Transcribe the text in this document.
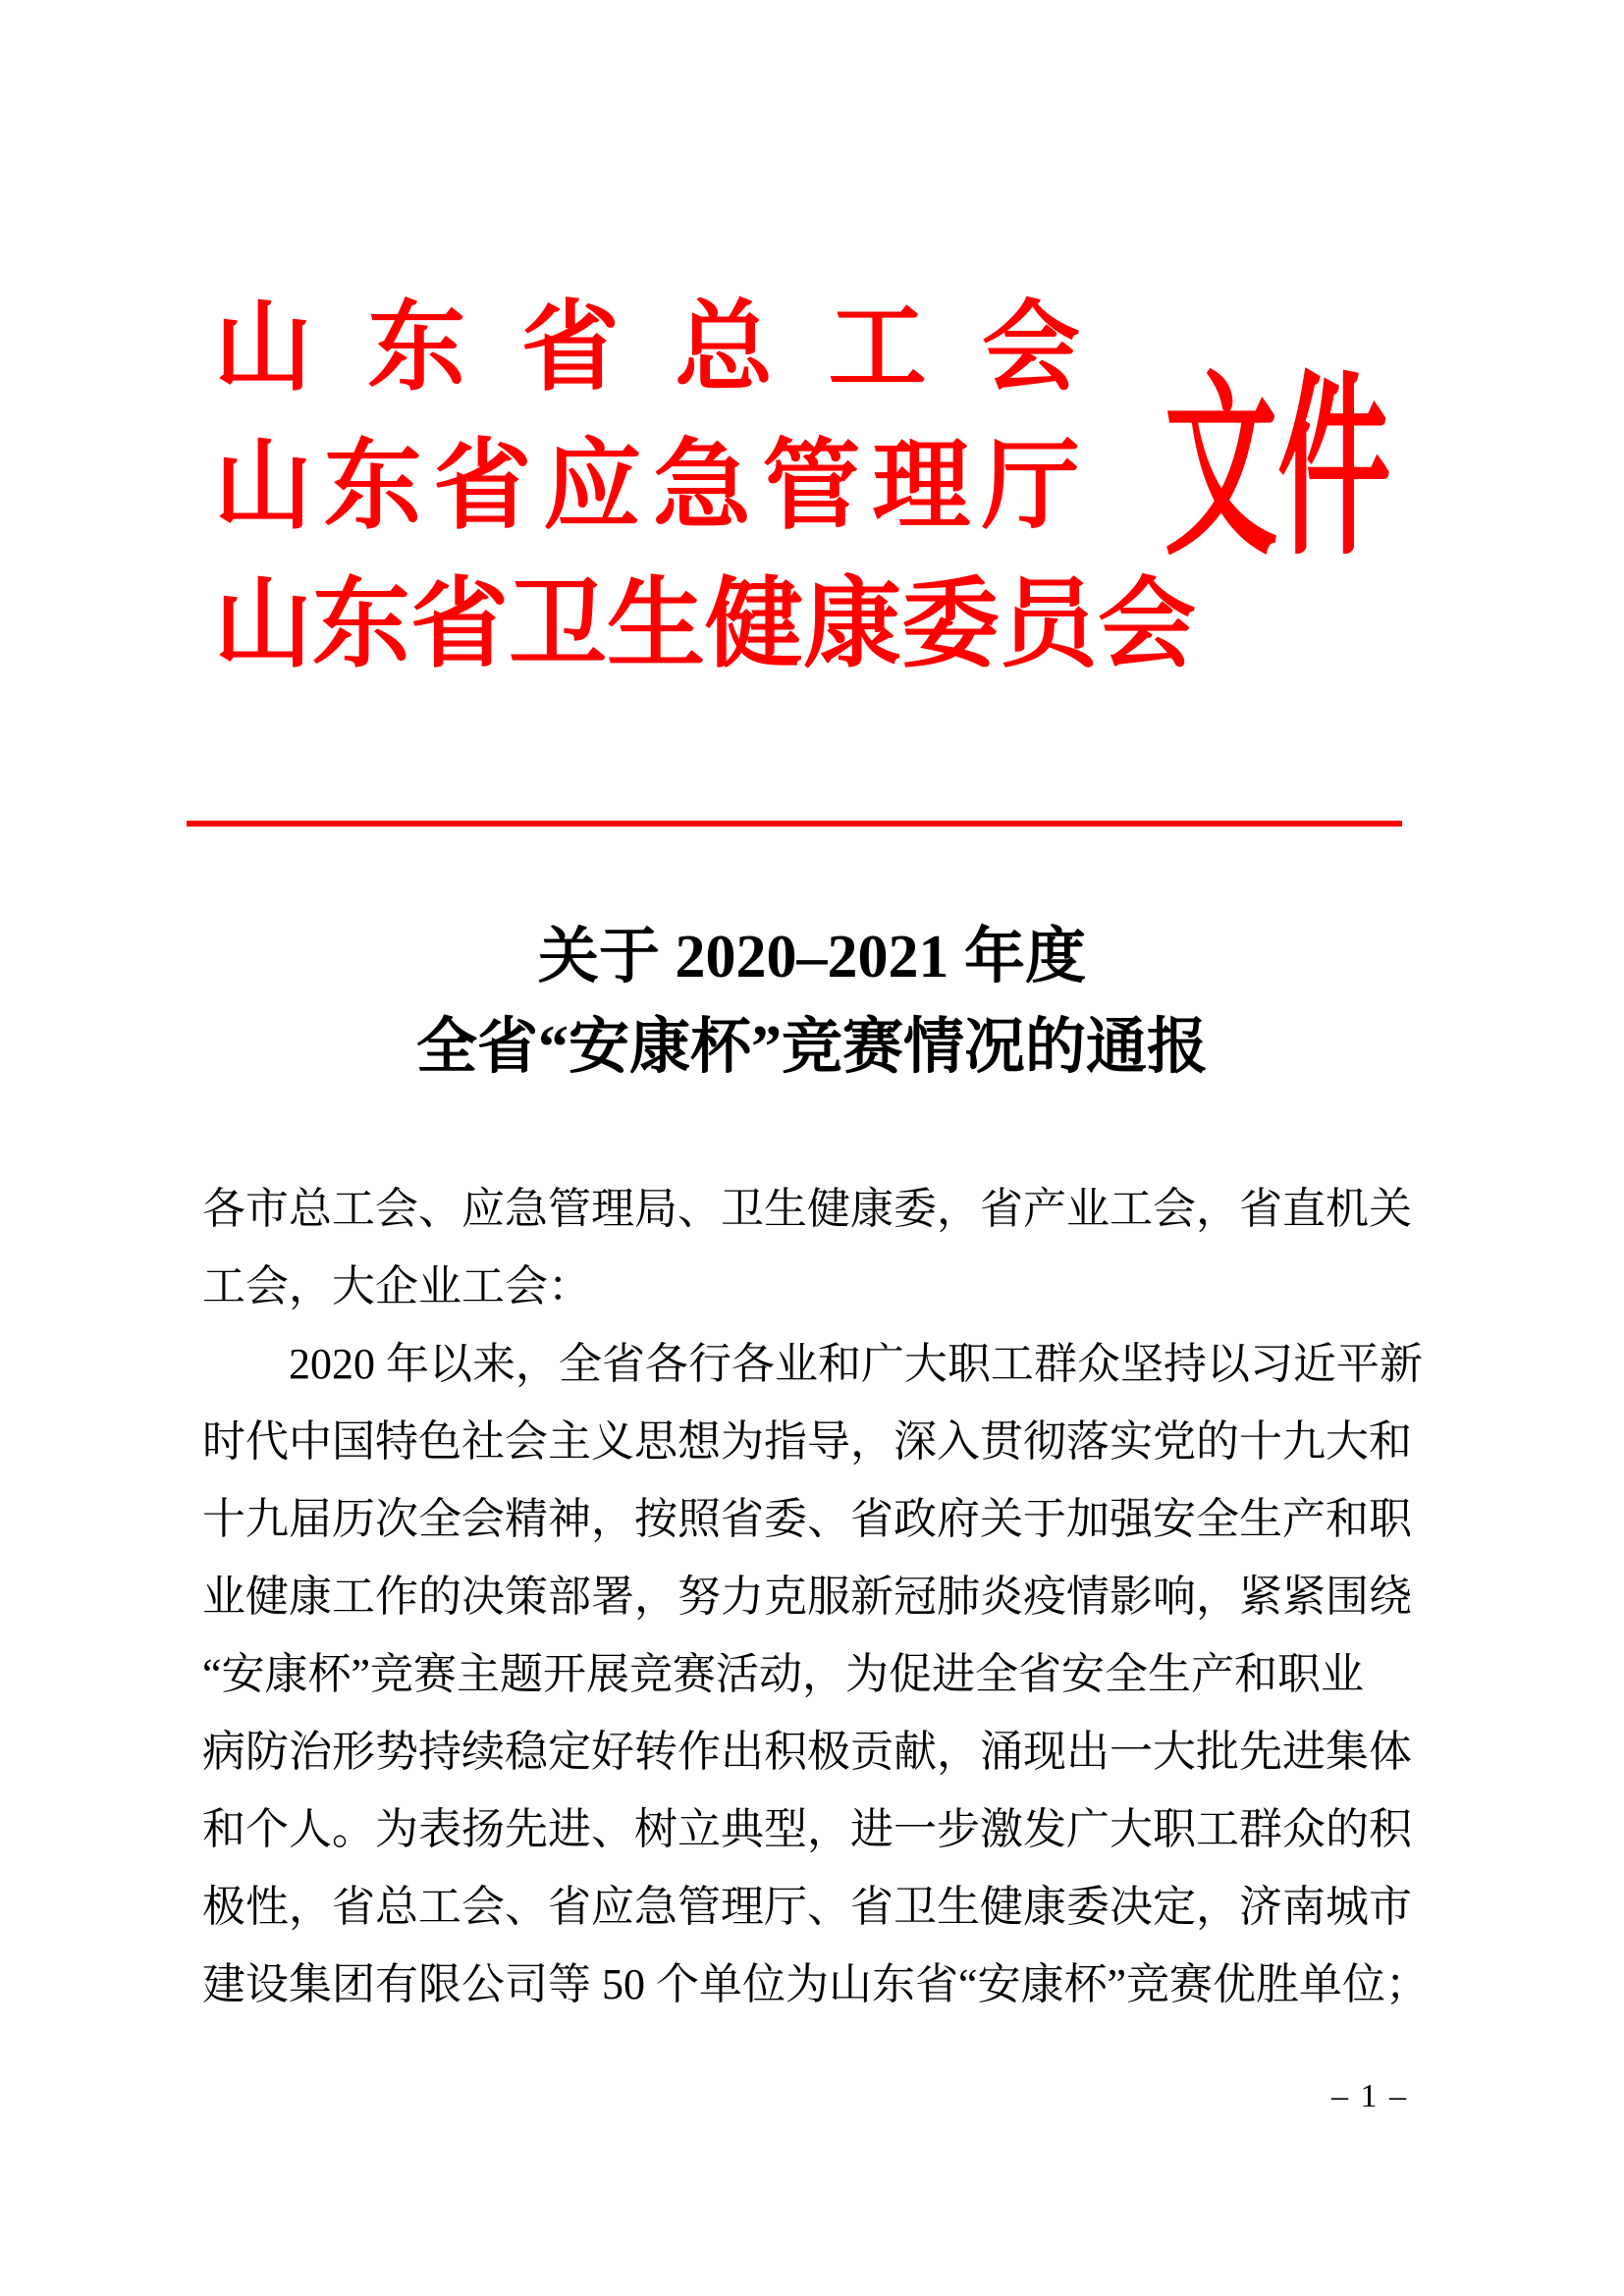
山 东 省 总 工 会
山 东 省 应 急 管 理 厅
山 东 省 卫 生 健 康 委 员 会
文件
关于 2020–2021 年度
全省“安康杯”竞赛情况的通报
各市总工会、应急管理局、卫生健康委，省产业工会，省直机关
工会，大企业工会：
2020 年以来，全省各行各业和广大职工群众坚持以习近平新
时代中国特色社会主义思想为指导，深入贯彻落实党的十九大和
十九届历次全会精神，按照省委、省政府关于加强安全生产和职
业健康工作的决策部署，努力克服新冠肺炎疫情影响，紧紧围绕
“安康杯”竞赛主题开展竞赛活动，为促进全省安全生产和职业
病防治形势持续稳定好转作出积极贡献，涌现出一大批先进集体
和个人。为表扬先进、树立典型，进一步激发广大职工群众的积
极性，省总工会、省应急管理厅、省卫生健康委决定，济南城市
建设集团有限公司等 50 个单位为山东省“安康杯”竞赛优胜单位；
– 1 –
